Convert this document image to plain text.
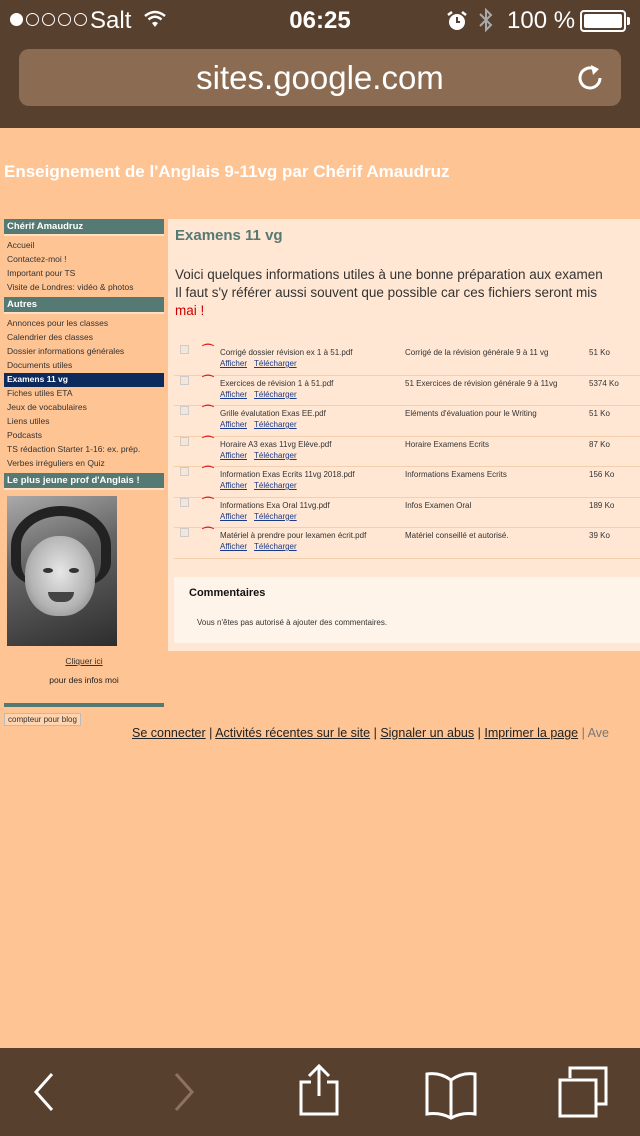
Salt	06:25	100 %
sites.google.com
Enseignement de l'Anglais 9-11vg par Chérif Amaudruz
Chérif Amaudruz
Accueil
Contactez-moi !
Important pour TS
Visite de Londres: vidéo & photos
Autres
Annonces pour les classes
Calendrier des classes
Dossier informations générales
Documents utiles
Examens 11 vg
Fiches utiles ETA
Jeux de vocabulaires
Liens utiles
Podcasts
TS rédaction Starter 1-16: ex. prép.
Verbes irréguliers en Quiz
Le plus jeune prof d'Anglais !
Cliquer ici
pour des infos moi
compteur pour blog
Examens 11 vg
Voici quelques informations utiles à une bonne préparation aux examen
Il faut s'y référer aussi souvent que possible car ces fichiers seront mis
mai !
⌒ Corrigé dossier révision ex 1 à 51.pdf
Afficher Télécharger
Corrigé de la révision générale 9 à 11 vg	51 Ko
⌒ Exercices de révision 1 à 51.pdf
Afficher Télécharger
51 Exercices de révision générale 9 à 11vg	5374 Ko
⌒ Grille évalutation Exas EE.pdf
Afficher Télécharger
Eléments d'évaluation pour le Writing	51 Ko
⌒ Horaire A3 exas 11vg Elève.pdf
Afficher Télécharger
Horaire Examens Ecrits	87 Ko
⌒ Information Exas Ecrits 11vg 2018.pdf
Afficher Télécharger
Informations Examens Ecrits	156 Ko
⌒ Informations Exa Oral 11vg.pdf
Afficher Télécharger
Infos Examen Oral	189 Ko
⌒ Matériel à prendre pour lexamen écrit.pdf
Afficher Télécharger
Matériel conseillé et autorisé.	39 Ko
Commentaires
Vous n'êtes pas autorisé à ajouter des commentaires.
Se connecter | Activités récentes sur le site | Signaler un abus | Imprimer la page | Ave
